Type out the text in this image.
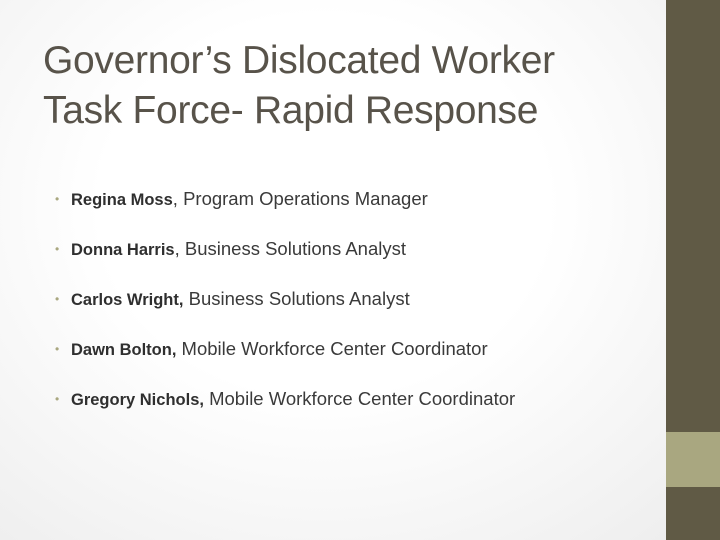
Governor’s Dislocated Worker
Task Force- Rapid Response
• Regina Moss , Program Operations Manager
• Donna Harris , Business Solutions Analyst
• Carlos Wright,
Business Solutions Analyst
• Dawn Bolton,
Mobile Workforce Center Coordinator
• Gregory Nichols,
Mobile Workforce Center Coordinator
